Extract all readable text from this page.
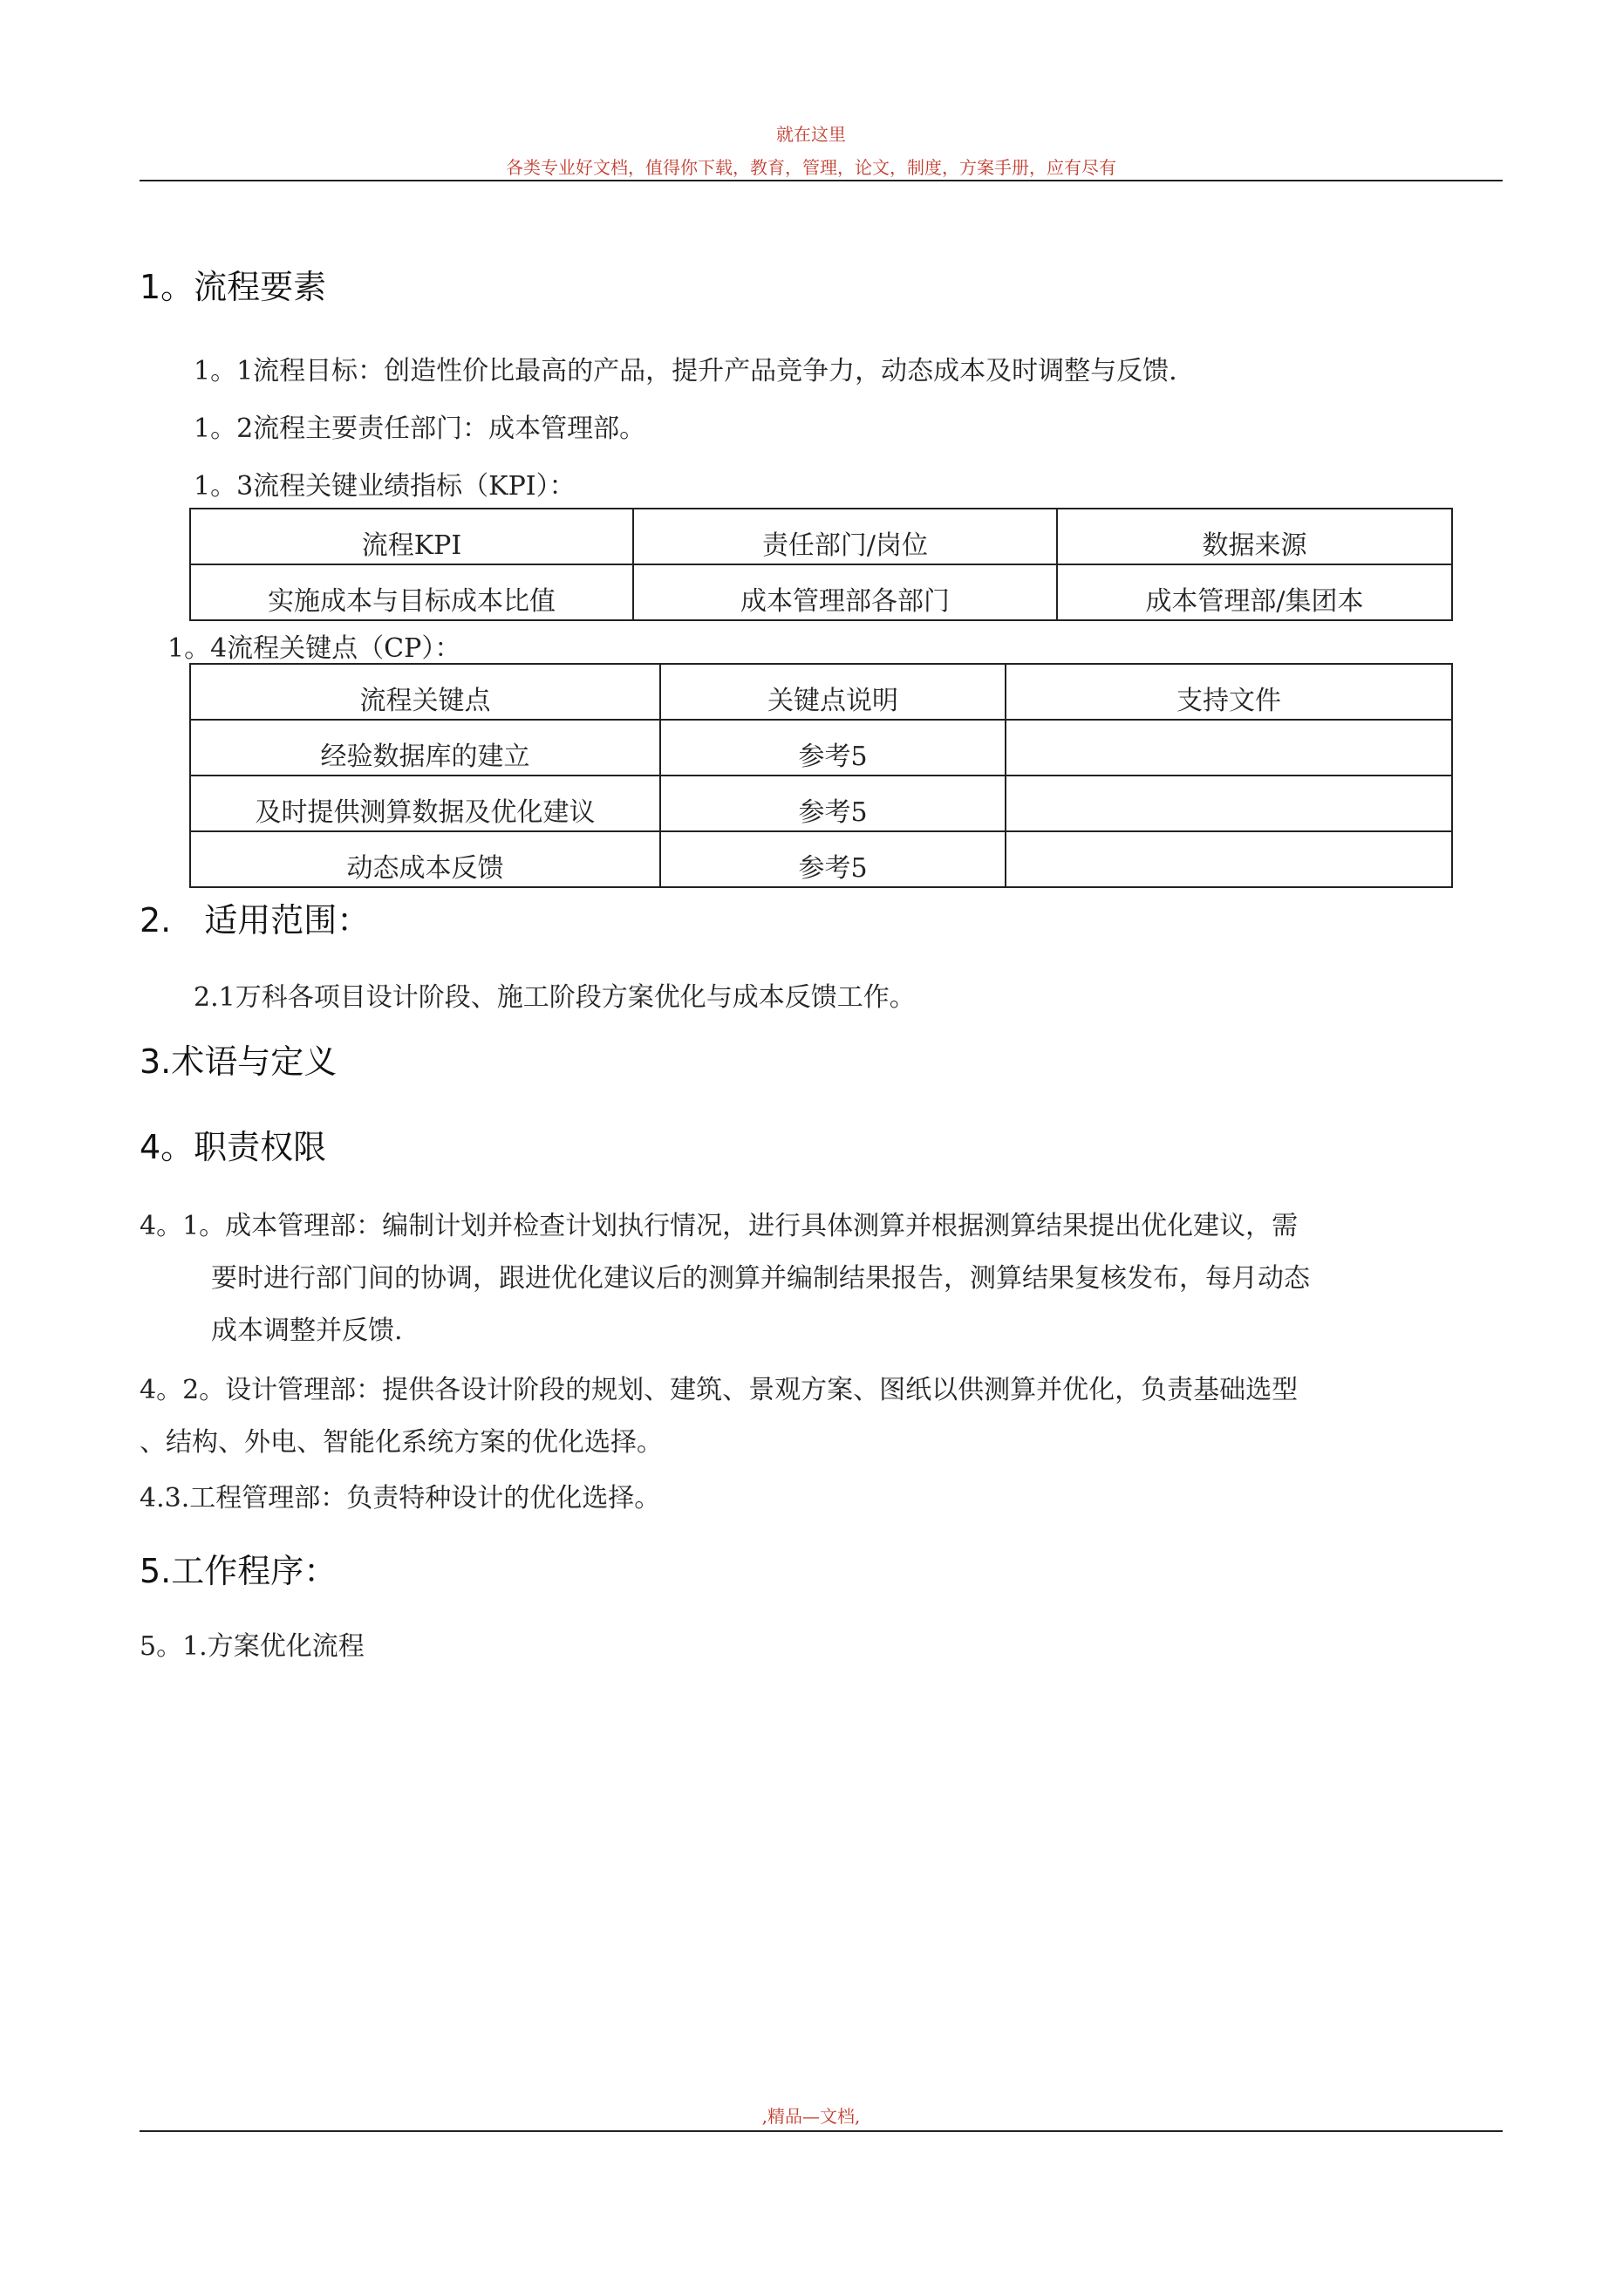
就在这里
各类专业好文档，值得你下载，教育，管理，论文，制度，方案手册，应有尽有
1。流程要素
1。1流程目标：创造性价比最高的产品，提升产品竞争力，动态成本及时调整与反馈.
1。2流程主要责任部门：成本管理部。
1。3流程关键业绩指标（KPI）：
流程KPI	责任部门/岗位	数据来源
实施成本与目标成本比值	成本管理部各部门	成本管理部/集团本
1。4流程关键点（CP）：
流程关键点	关键点说明	支持文件
经验数据库的建立	参考5	
及时提供测算数据及优化建议	参考5	
动态成本反馈	参考5	
2.　适用范围：
2.1万科各项目设计阶段、施工阶段方案优化与成本反馈工作。
3.术语与定义
4。职责权限
4。1。成本管理部：编制计划并检查计划执行情况，进行具体测算并根据测算结果提出优化建议，需
要时进行部门间的协调，跟进优化建议后的测算并编制结果报告，测算结果复核发布，每月动态
成本调整并反馈.
4。2。设计管理部：提供各设计阶段的规划、建筑、景观方案、图纸以供测算并优化，负责基础选型
、结构、外电、智能化系统方案的优化选择。
4.3.工程管理部：负责特种设计的优化选择。
5.工作程序：
5。1.方案优化流程
,精品—文档,
